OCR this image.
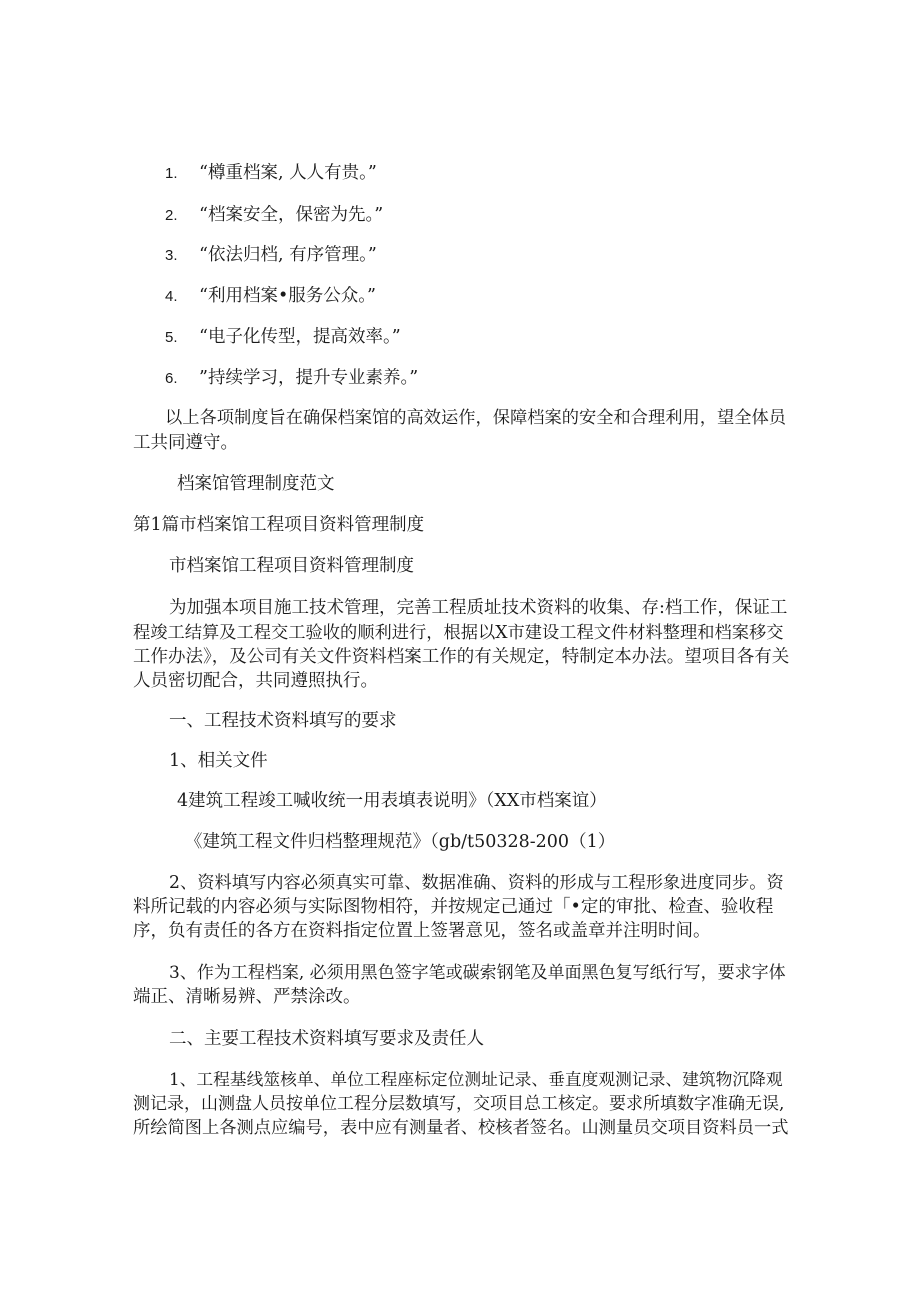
1. “樽重档案, 人人有贵。”
2. “档案安全，保密为先。”
3. “依法归档, 有序管理。”
4. “利用档案•服务公众。”
5. “电子化传型，提高效率。”
6. ”持续学习，提升专业素养。”
以上各项制度旨在确保档案馆的高效运作，保障档案的安全和合理利用，望全体员
工共同遵守。
档案馆管理制度范文
第1篇市档案馆工程项目资料管理制度
市档案馆工程项目资料管理制度
为加强本项目施工技术管理，完善工程质址技术资料的收集、存:档工作，保证工
程竣工结算及工程交工验收的顺利进行，根据以X市建设工程文件材料整理和档案移交
工作办法》，及公司有关文件资料档案工作的有关规定，特制定本办法。望项目各有关
人员密切配合，共同遵照执行。
一、工程技术资料填写的要求
1、相关文件
4建筑工程竣工喊收统一用表填表说明》（XX市档案谊）
《建筑工程文件归档整理规范》（gb/t50328-200（1）
2、资料填写内容必须真实可靠、数据准确、资料的形成与工程形象进度同步。资
料所记载的内容必须与实际图物相符，并按规定己通过「•定的审批、检查、验收程
序，负有责任的各方在资料指定位置上签署意见，签名或盖章并注明时间。
3、作为工程档案, 必须用黑色签字笔或碳索钢笔及单面黑色复写纸行写，要求字体
端正、清晰易辨、严禁涂改。
二、主要工程技术资料填写要求及责任人
1、工程基线筮核单、单位工程座标定位测址记录、垂直度观测记录、建筑物沉降观
测记录，山测盘人员按单位工程分层数填写，交项目总工核定。要求所填数字准确无误,
所绘简图上各测点应编号，表中应有测量者、校核者签名。山测量员交项目资料员一式
